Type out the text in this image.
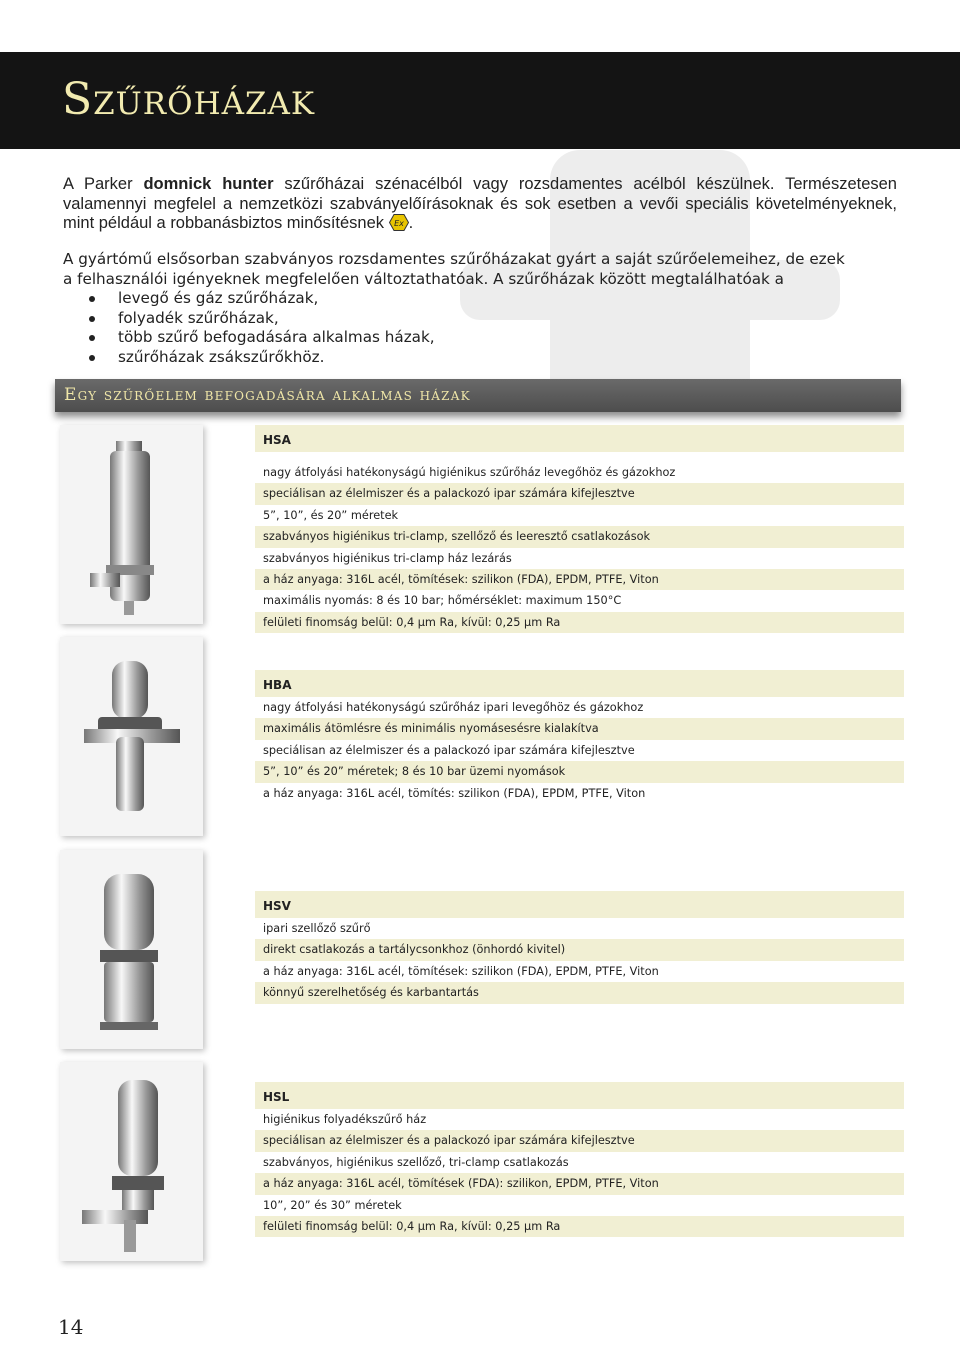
Szűrőházak
A Parker domnick hunter szűrőházai szénacélból vagy rozsdamentes acélból készülnek. Természetesen valamennyi megfelel a nemzetközi szabványelőírásoknak és sok esetben a vevői speciális követelményeknek, mint például a robbanásbiztos minősítésnek Ex .
A gyártómű elsősorban szabványos rozsdamentes szűrőházakat gyárt a saját szűrőelemeihez, de ezek
a felhasználói igényeknek megfelelően változtathatóak. A szűrőházak között megtalálhatóak a
levegő és gáz szűrőházak,
folyadék szűrőházak,
több szűrő befogadására alkalmas házak,
szűrőházak zsákszűrőkhöz.
Egy szűrőelem befogadására alkalmas házak
HSA
nagy átfolyási hatékonyságú higiénikus szűrőház levegőhöz és gázokhoz
speciálisan az élelmiszer és a palackozó ipar számára kifejlesztve
5”, 10”, és 20” méretek
szabványos higiénikus tri-clamp, szellőző és leeresztő csatlakozások
szabványos higiénikus tri-clamp ház lezárás
a ház anyaga: 316L acél, tömítések: szilikon (FDA), EPDM, PTFE, Viton
maximális nyomás: 8 és 10 bar; hőmérséklet: maximum 150°C
felületi finomság belül: 0,4 µm Ra, kívül: 0,25 µm Ra
HBA
nagy átfolyási hatékonyságú szűrőház ipari levegőhöz és gázokhoz
maximális átömlésre és minimális nyomásesésre kialakítva
speciálisan az élelmiszer és a palackozó ipar számára kifejlesztve
5”, 10” és 20” méretek; 8 és 10 bar üzemi nyomások
a ház anyaga: 316L acél, tömítés: szilikon (FDA), EPDM, PTFE, Viton
HSV
ipari szellőző szűrő
direkt csatlakozás a tartálycsonkhoz (önhordó kivitel)
a ház anyaga: 316L acél, tömítések: szilikon (FDA), EPDM, PTFE, Viton
könnyű szerelhetőség és karbantartás
HSL
higiénikus folyadékszűrő ház
speciálisan az élelmiszer és a palackozó ipar számára kifejlesztve
szabványos, higiénikus szellőző, tri-clamp csatlakozás
a ház anyaga: 316L acél, tömítések (FDA): szilikon, EPDM, PTFE, Viton
10”, 20” és 30” méretek
felületi finomság belül: 0,4 µm Ra, kívül: 0,25 µm Ra
14
